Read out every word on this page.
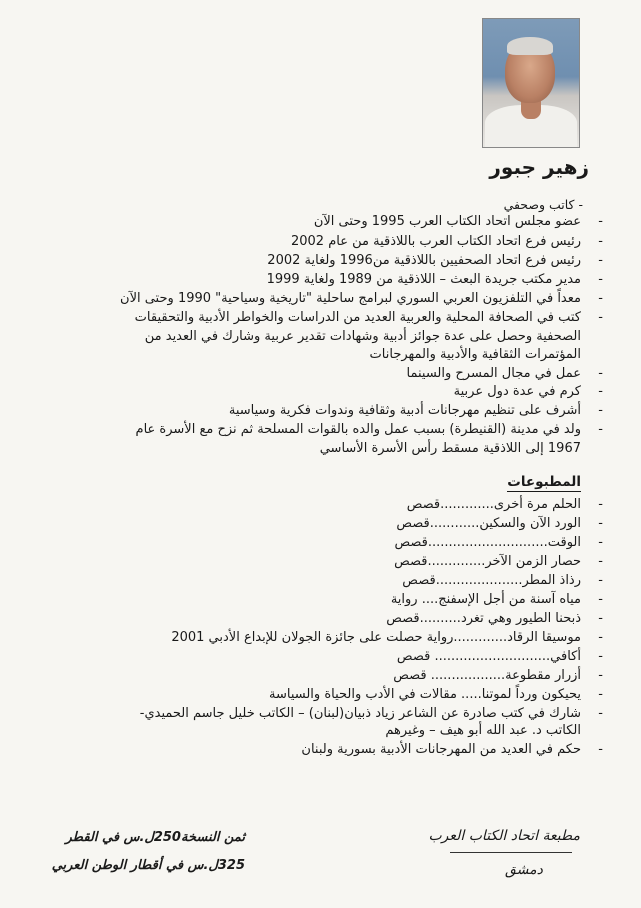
زهير جبور
- كاتب وصحفي
-
عضو مجلس اتحاد الكتاب العرب 1995 وحتى الآن
-
رئيس فرع اتحاد الكتاب العرب باللاذقية من عام 2002
-
رئيس فرع اتحاد الصحفيين باللاذقية من1996 ولغاية 2002
-
مدير مكتب جريدة البعث – اللاذقية من 1989 ولغاية 1999
-
معداً في التلفزيون العربي السوري لبرامج ساحلية "تاريخية وسياحية" 1990 وحتى الآن
-
كتب في الصحافة المحلية والعربية العديد من الدراسات والخواطر الأدبية والتحقيقات
الصحفية وحصل على عدة جوائز أدبية وشهادات تقدير عربية وشارك في العديد من
المؤتمرات الثقافية والأدبية والمهرجانات
-
عمل في مجال المسرح والسينما
-
كرم في عدة دول عربية
-
أشرف على تنظيم مهرجانات أدبية وثقافية وندوات فكرية وسياسية
-
ولد في مدينة (القنيطرة) بسبب عمل والده بالقوات المسلحة ثم نزح مع الأسرة عام
1967 إلى اللاذقية مسقط رأس الأسرة الأساسي
المطبوعات
-
الحلم مرة أخرى.............قصص
-
الورد الآن والسكين............قصص
-
الوقت.............................قصص
-
حصار الزمن الآخر..............قصص
-
رذاذ المطر.....................قصص
-
مياه آسنة من أجل الإسفنج.... رواية
-
ذبحنا الطيور وهي تغرد..........قصص
-
موسيقا الرقاد.............رواية حصلت على جائزة الجولان للإبداع الأدبي 2001
-
أكافي............................ قصص
-
أزرار مقطوعة.................. قصص
-
يحيكون ورداً لموتنا..... مقالات في الأدب والحياة والسياسة
-
شارك في كتب صادرة عن الشاعر زياد ذبيان(لبنان) – الكاتب خليل جاسم الحميدي-
الكاتب د. عبد الله أبو هيف – وغيرهم
-
حكم في العديد من المهرجانات الأدبية بسورية ولبنان
مطبعة اتحاد الكتاب العرب
دمشق
ثمن النسخة250ل.س في القطر
325ل.س في أقطار الوطن العربي
